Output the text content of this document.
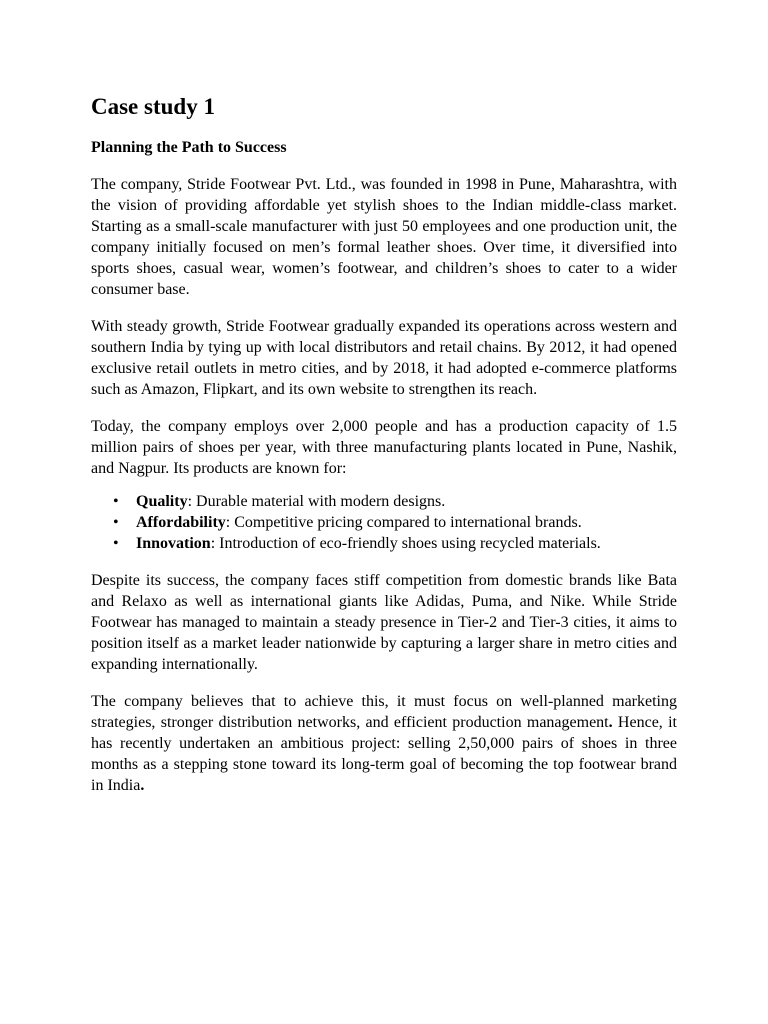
Case study 1
Planning the Path to Success

The company, Stride Footwear Pvt. Ltd., was founded in 1998 in Pune, Maharashtra, with the vision of providing affordable yet stylish shoes to the Indian middle-class market. Starting as a small-scale manufacturer with just 50 employees and one production unit, the company initially focused on men’s formal leather shoes. Over time, it diversified into sports shoes, casual wear, women’s footwear, and children’s shoes to cater to a wider consumer base.

With steady growth, Stride Footwear gradually expanded its operations across western and southern India by tying up with local distributors and retail chains. By 2012, it had opened exclusive retail outlets in metro cities, and by 2018, it had adopted e-commerce platforms such as Amazon, Flipkart, and its own website to strengthen its reach.

Today, the company employs over 2,000 people and has a production capacity of 1.5 million pairs of shoes per year, with three manufacturing plants located in Pune, Nashik, and Nagpur. Its products are known for:

• Quality: Durable material with modern designs.
• Affordability: Competitive pricing compared to international brands.
• Innovation: Introduction of eco-friendly shoes using recycled materials.

Despite its success, the company faces stiff competition from domestic brands like Bata and Relaxo as well as international giants like Adidas, Puma, and Nike. While Stride Footwear has managed to maintain a steady presence in Tier-2 and Tier-3 cities, it aims to position itself as a market leader nationwide by capturing a larger share in metro cities and expanding internationally.

The company believes that to achieve this, it must focus on well-planned marketing strategies, stronger distribution networks, and efficient production management. Hence, it has recently undertaken an ambitious project: selling 2,50,000 pairs of shoes in three months as a stepping stone toward its long-term goal of becoming the top footwear brand in India.
